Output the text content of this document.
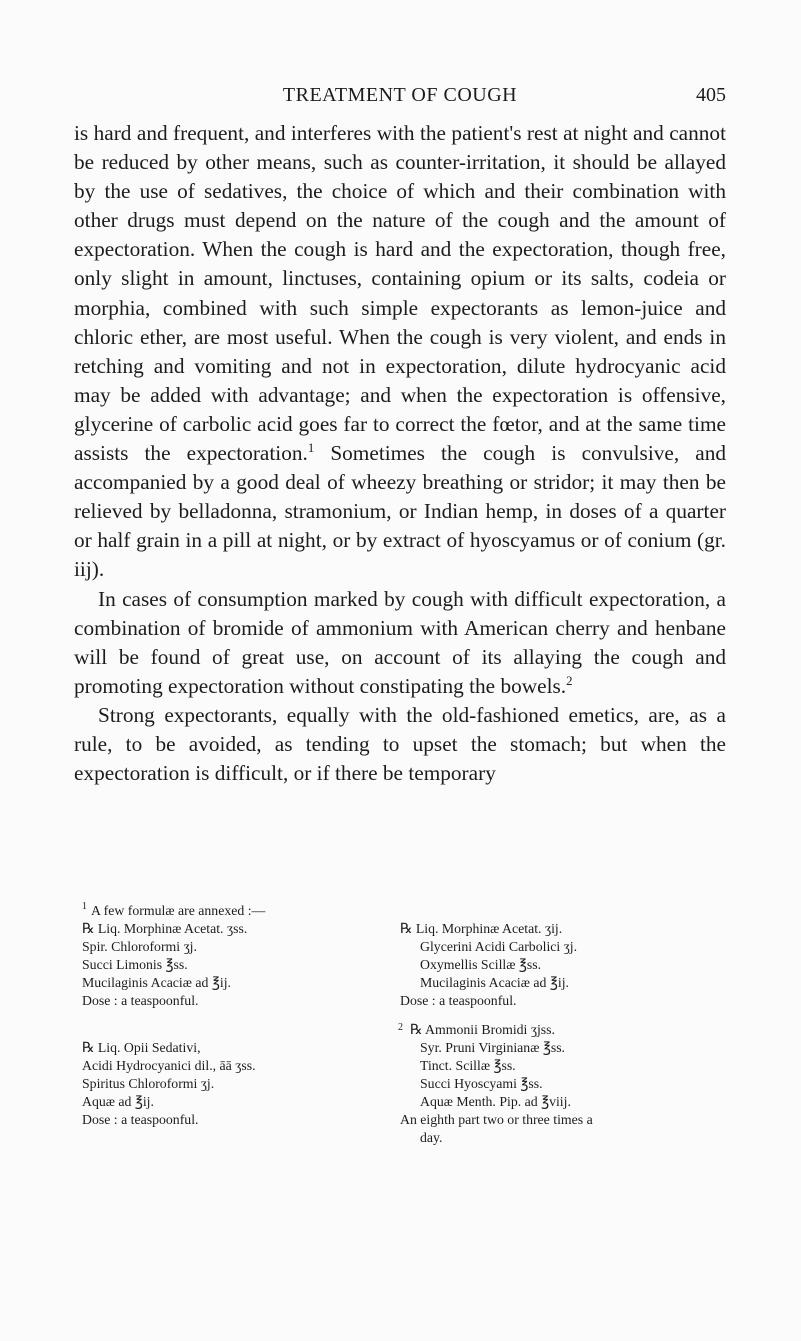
TREATMENT OF COUGH	405

is hard and frequent, and interferes with the patient's rest at night and cannot be reduced by other means, such as counter-irritation, it should be allayed by the use of sedatives, the choice of which and their combination with other drugs must depend on the nature of the cough and the amount of expectoration. When the cough is hard and the expectoration, though free, only slight in amount, linctuses, containing opium or its salts, codeia or morphia, combined with such simple expectorants as lemon-juice and chloric ether, are most useful. When the cough is very violent, and ends in retching and vomiting and not in expectoration, dilute hydrocyanic acid may be added with advantage; and when the expectoration is offensive, glycerine of carbolic acid goes far to correct the fœtor, and at the same time assists the expectoration.$^1$ Sometimes the cough is convulsive, and accompanied by a good deal of wheezy breathing or stridor; it may then be relieved by belladonna, stramonium, or Indian hemp, in doses of a quarter or half grain in a pill at night, or by extract of hyoscyamus or of conium (gr. iij).

In cases of consumption marked by cough with difficult expectoration, a combination of bromide of ammonium with American cherry and henbane will be found of great use, on account of its allaying the cough and promoting expectoration without constipating the bowels.$^2$

Strong expectorants, equally with the old-fashioned emetics, are, as a rule, to be avoided, as tending to upset the stomach; but when the expectoration is difficult, or if there be temporary

$^1$ A few formulæ are annexed :—
℞ Liq. Morphinæ Acetat. ʒss.
Spir. Chloroformi ʒj.
Succi Limonis ℥ss.
Mucilaginis Acaciæ ad ℥ij.
Dose : a teaspoonful.
℞ Liq. Opii Sedativi,
Acidi Hydrocyanici dil., āā ʒss.
Spiritus Chloroformi ʒj.
Aquæ ad ℥ij.
Dose : a teaspoonful.
℞ Liq. Morphinæ Acetat. ʒij.
Glycerini Acidi Carbolici ʒj.
Oxymellis Scillæ ℥ss.
Mucilaginis Acaciæ ad ℥ij.
Dose : a teaspoonful.
2 ℞ Ammonii Bromidi ʒjss.
Syr. Pruni Virginianæ ℥ss.
Tinct. Scillæ ℥ss.
Succi Hyoscyami ℥ss.
Aquæ Menth. Pip. ad ℥viij.
An eighth part two or three times a
day.
